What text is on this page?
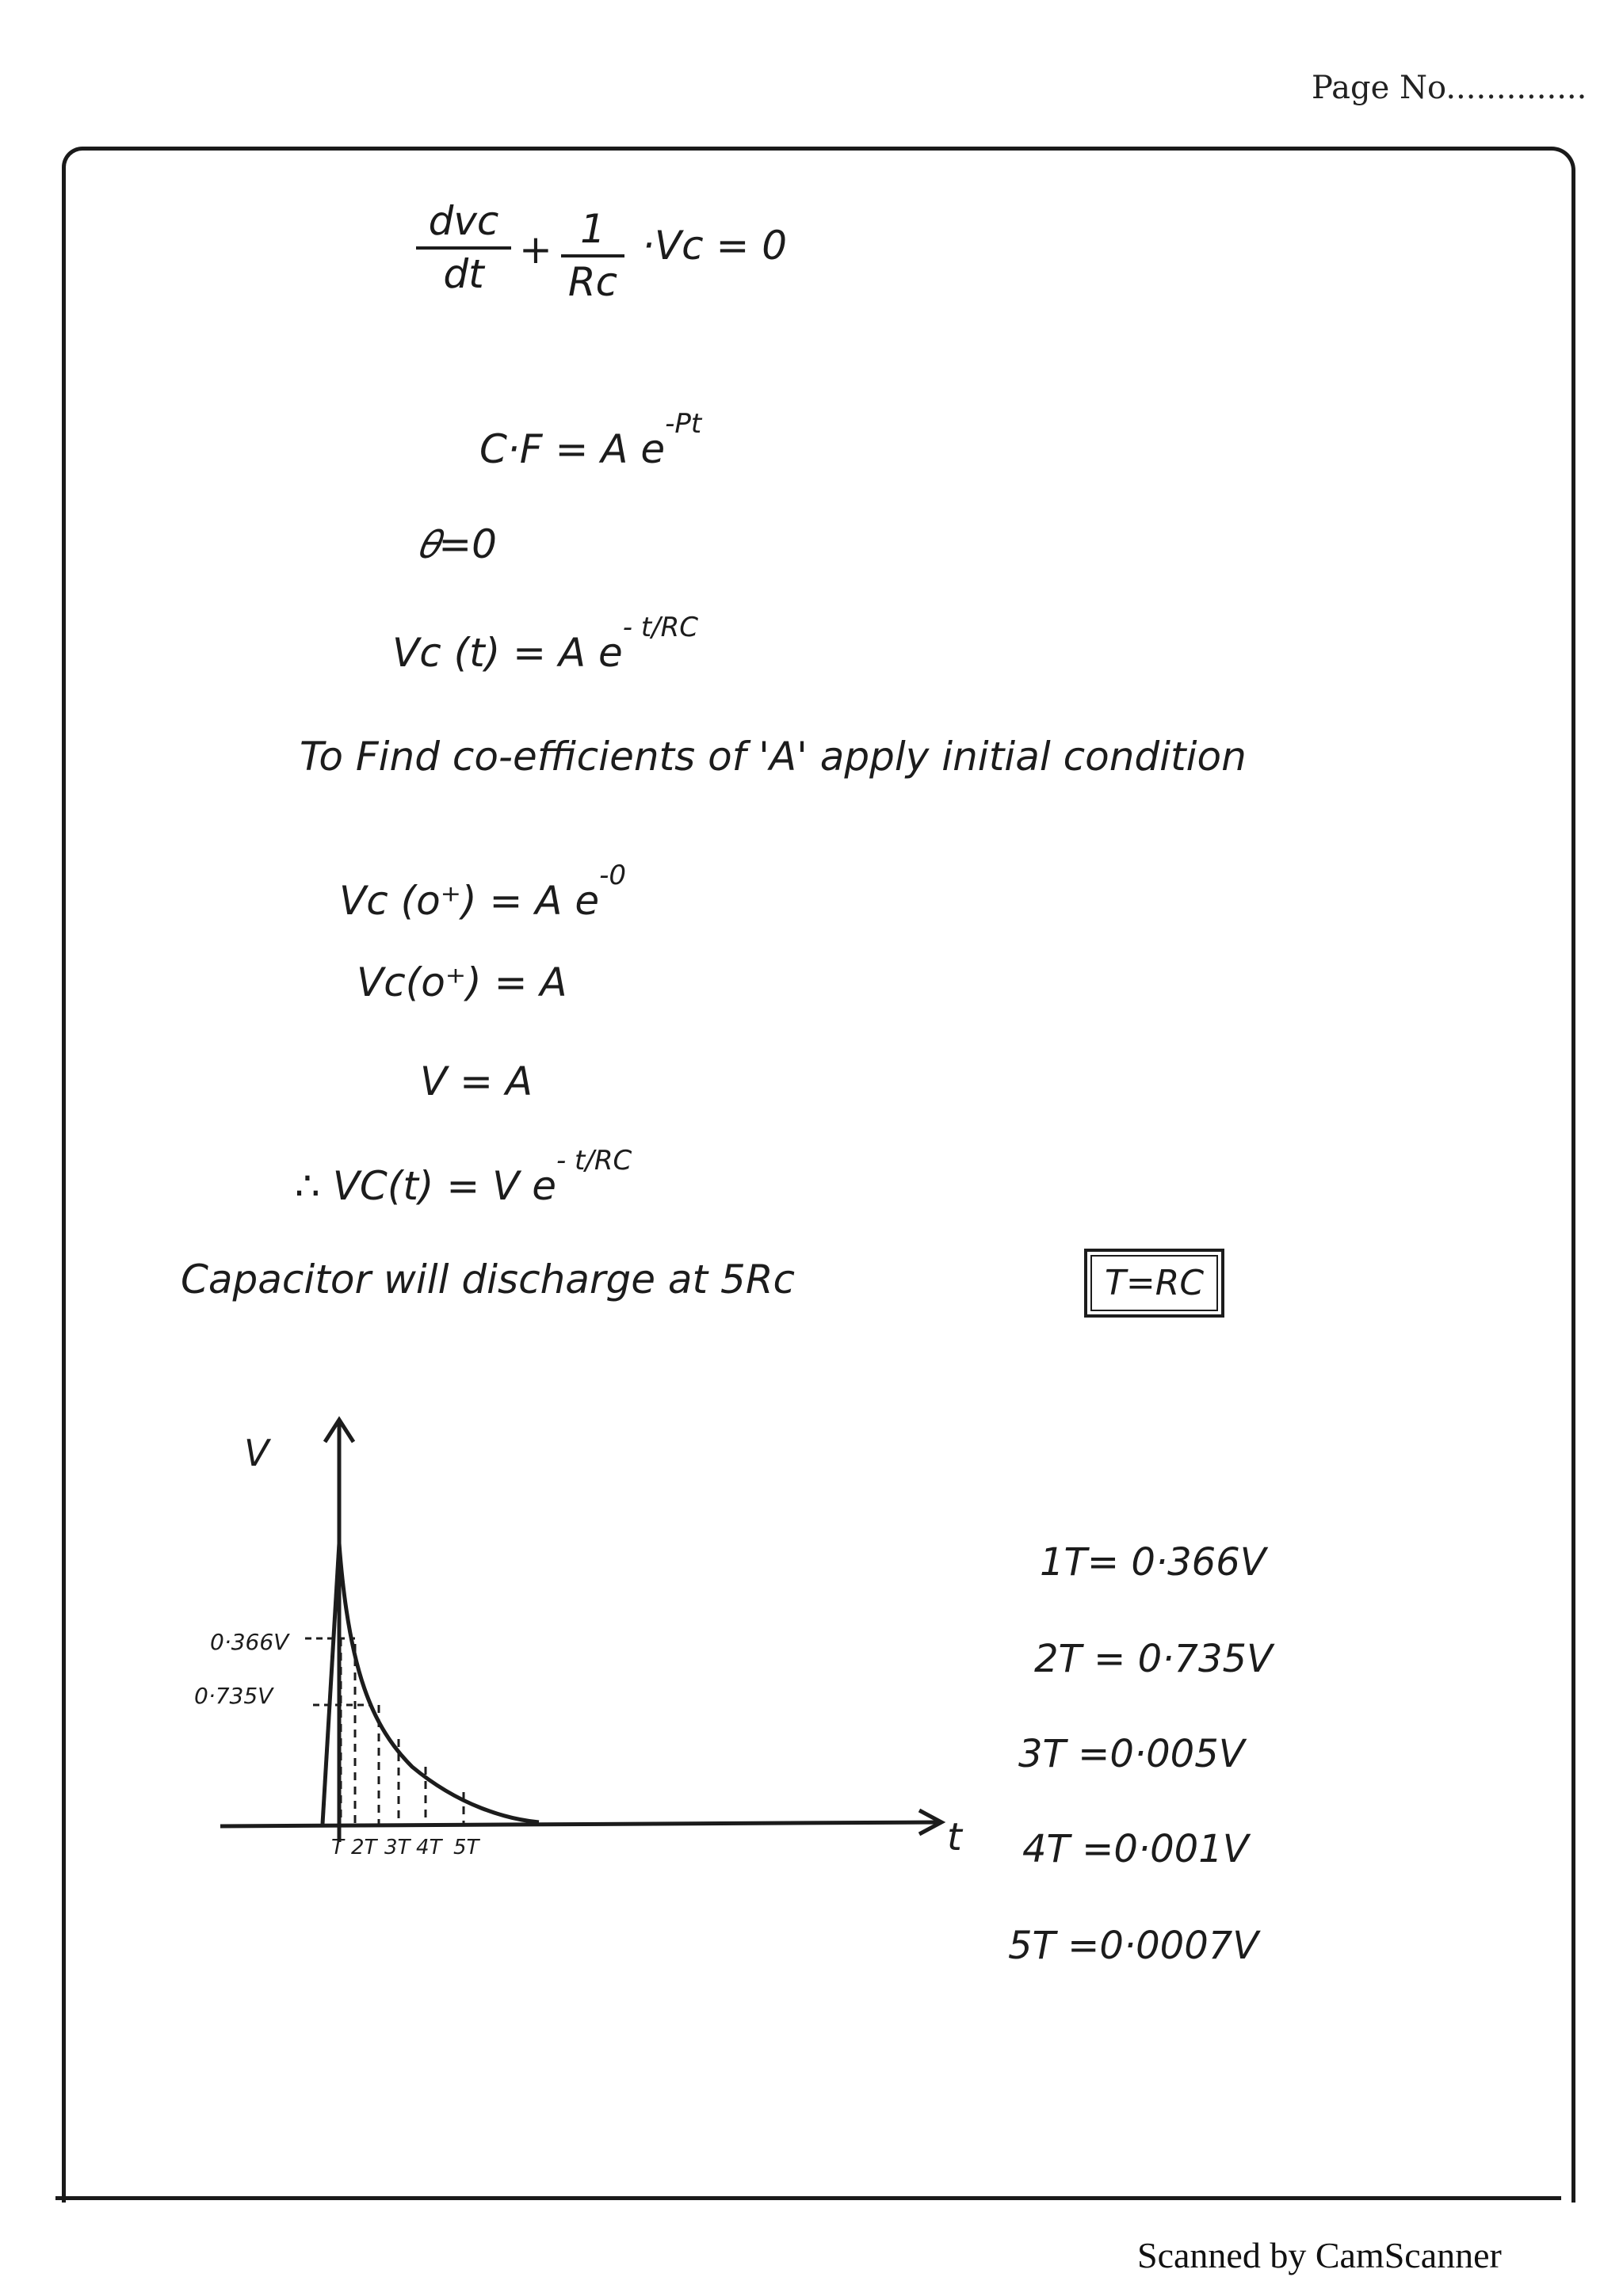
Page No..............
dvc
dt
+ 1
Rc
·Vc = 0
C·F = A $e^{-Pt}$
𝜃=0
Vc (t) = A $e^{- t/RC}$
To Find co-efficients of 'A' apply initial condition
Vc (o⁺) = A $e^{-0}$
Vc(o⁺) = A
V = A
∴ VC(t) = V $e^{- t/RC}$
Capacitor will discharge at 5Rc	T=RC
V
t
0·366V
0·735V
T 2T 3T 4T 5T
1T= 0·366V
2T = 0·735V
3T =0·005V
4T =0·001V
5T =0·0007V
Scanned by CamScanner
